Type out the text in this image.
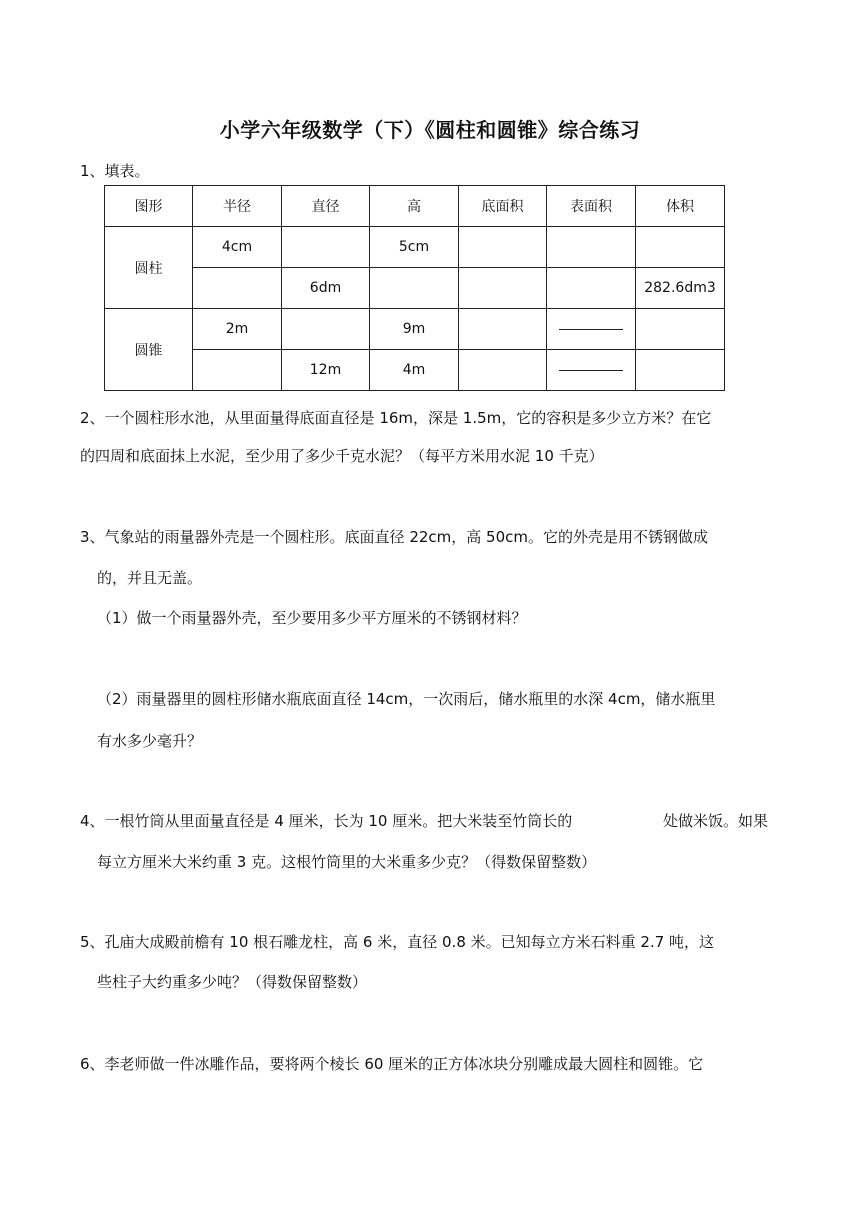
小学六年级数学（下）《圆柱和圆锥》综合练习
1、填表。
图形	半径	直径	高	底面积	表面积	体积
圆柱	4cm		5cm			
		6dm				282.6dm3
圆锥	2m		9m			
		12m	4m			
2、一个圆柱形水池，从里面量得底面直径是 16m，深是 1.5m，它的容积是多少立方米？在它
的四周和底面抹上水泥，至少用了多少千克水泥？（每平方米用水泥 10 千克）
3、气象站的雨量器外壳是一个圆柱形。底面直径 22cm，高 50cm。它的外壳是用不锈钢做成
的，并且无盖。
（1）做一个雨量器外壳，至少要用多少平方厘米的不锈钢材料？
（2）雨量器里的圆柱形储水瓶底面直径 14cm，一次雨后，储水瓶里的水深 4cm，储水瓶里
有水多少毫升？
4、一根竹筒从里面量直径是 4 厘米，长为 10 厘米。把大米装至竹筒长的	处做米饭。如果
每立方厘米大米约重 3 克。这根竹筒里的大米重多少克？（得数保留整数）
5、孔庙大成殿前檐有 10 根石雕龙柱，高 6 米，直径 0.8 米。已知每立方米石料重 2.7 吨，这
些柱子大约重多少吨？（得数保留整数）
6、李老师做一件冰雕作品，要将两个棱长 60 厘米的正方体冰块分别雕成最大圆柱和圆锥。它
